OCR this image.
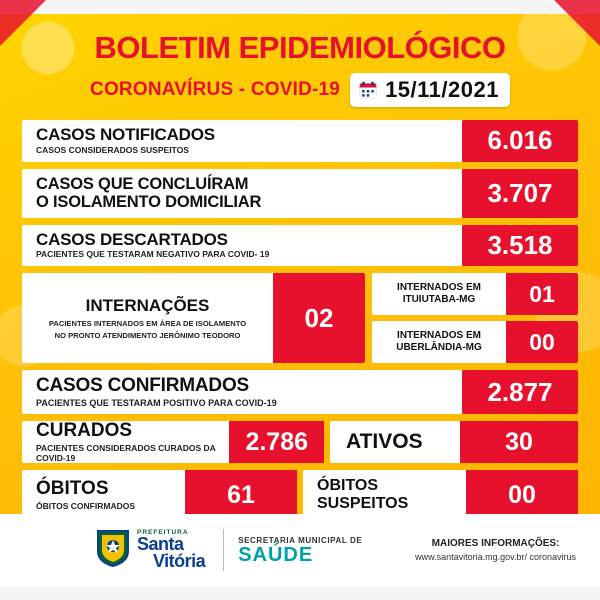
BOLETIM EPIDEMIOLÓGICO
CORONAVÍRUS - COVID-19 15/11/2021
CASOS NOTIFICADOS
CASOS CONSIDERADOS SUSPEITOS	6.016
CASOS QUE CONCLUÍRAM
O ISOLAMENTO DOMICILIAR	3.707
CASOS DESCARTADOS
PACIENTES QUE TESTARAM NEGATIVO PARA COVID- 19	3.518
INTERNAÇÕES
PACIENTES INTERNADOS EM ÁREA DE ISOLAMENTO
NO PRONTO ATENDIMENTO JERÔNIMO TEODORO
02
INTERNADOS EM
ITUIUTABA-MG	01
INTERNADOS EM
UBERLÂNDIA-MG	00
CASOS CONFIRMADOS
PACIENTES QUE TESTARAM POSITIVO PARA COVID-19	2.877
CURADOS
PACIENTES CONSIDERADOS CURADOS DA COVID-19
2.786	ATIVOS	30
ÓBITOS
ÓBITOS CONFIRMADOS	61	ÓBITOS
SUSPEITOS	00
PREFEITURA
Santa
Vitória
SECRETARIA MUNICIPAL DE
SAÚDE	MAIORES INFORMAÇÕES:
www.santavitoria.mg.gov.br/ coronavirus
